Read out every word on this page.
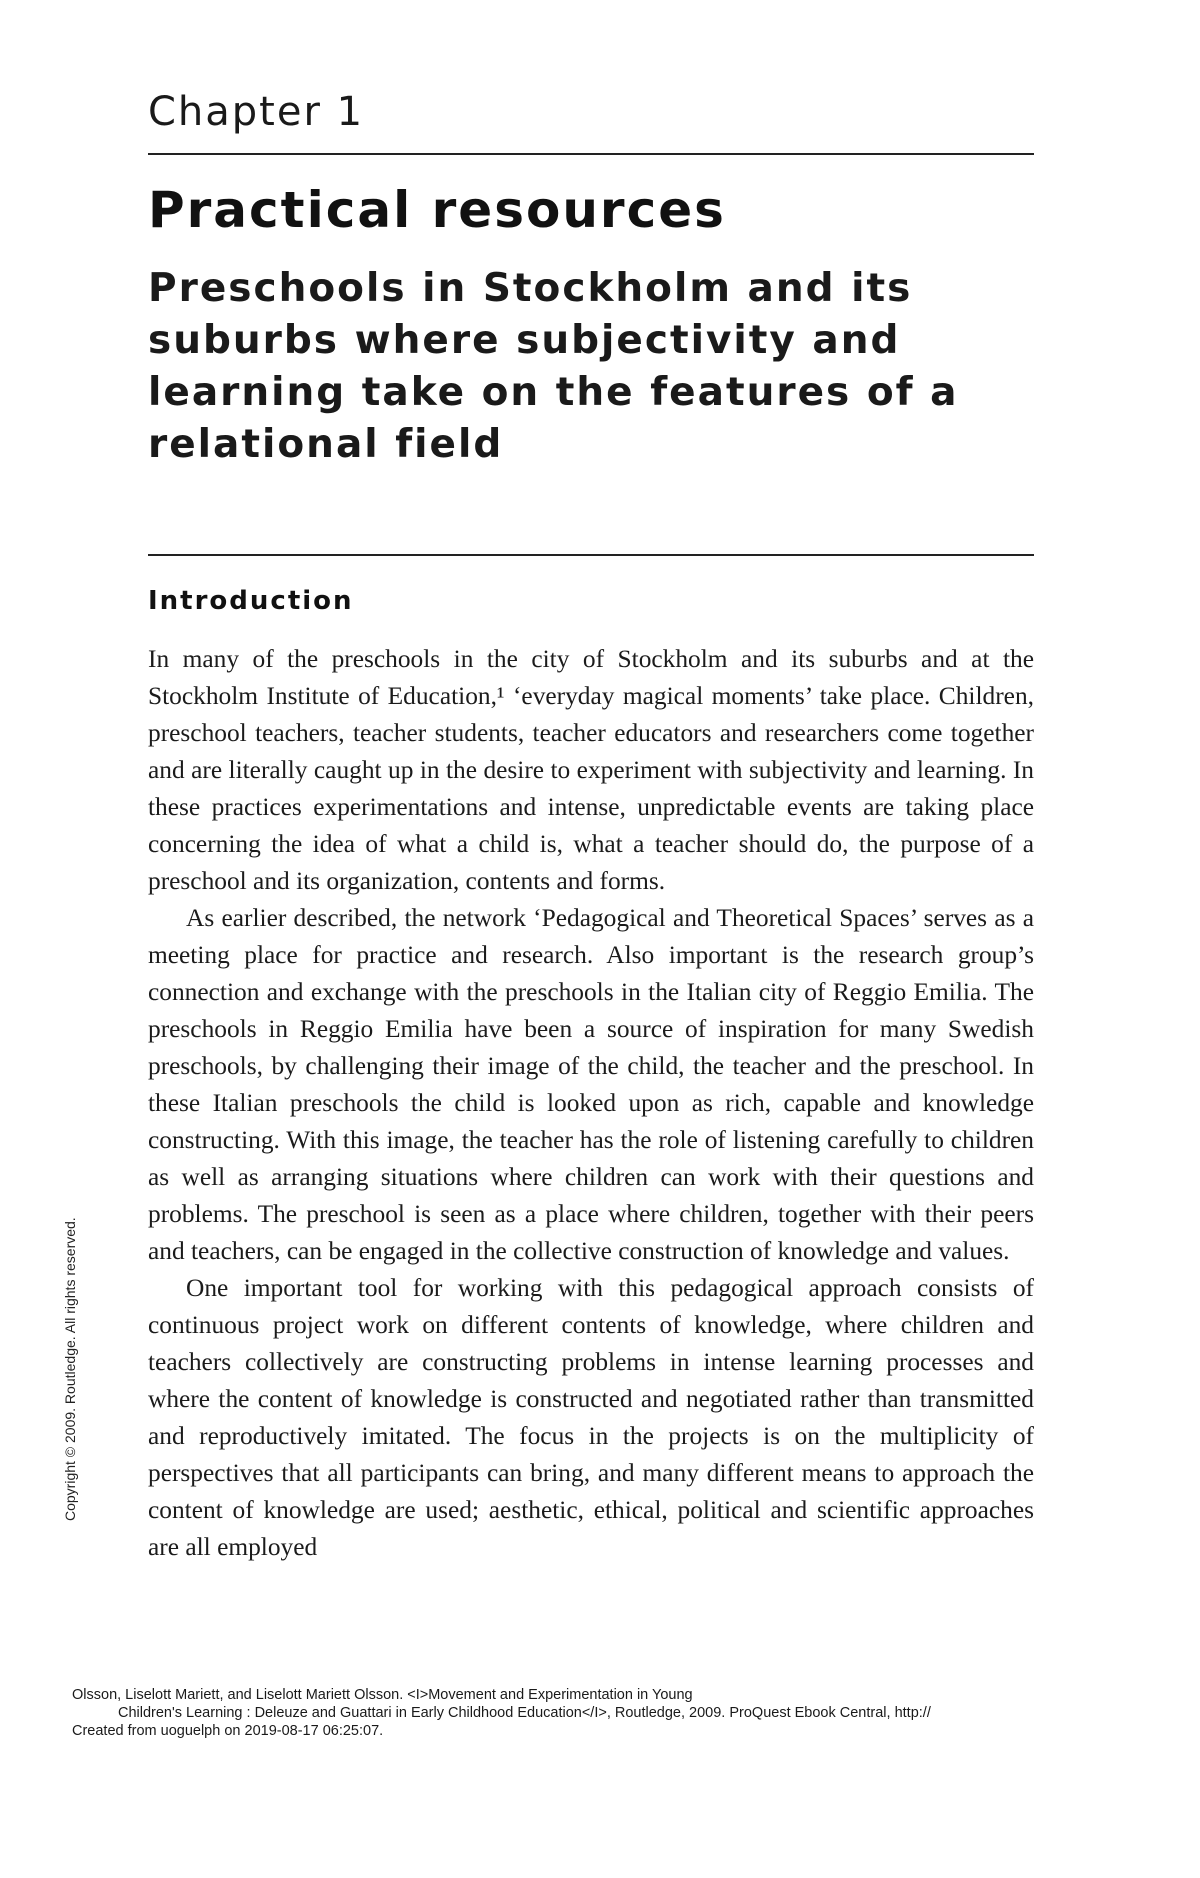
Chapter 1
Practical resources
Preschools in Stockholm and its suburbs where subjectivity and learning take on the features of a relational field
Introduction

In many of the preschools in the city of Stockholm and its suburbs and at the Stockholm Institute of Education,¹ ‘everyday magical moments’ take place. Children, preschool teachers, teacher students, teacher educators and researchers come together and are literally caught up in the desire to experiment with subjectivity and learning. In these practices experimentations and intense, unpredictable events are taking place concerning the idea of what a child is, what a teacher should do, the purpose of a preschool and its organization, contents and forms.

As earlier described, the network ‘Pedagogical and Theoretical Spaces’ serves as a meeting place for practice and research. Also important is the research group’s connection and exchange with the preschools in the Italian city of Reggio Emilia. The preschools in Reggio Emilia have been a source of inspiration for many Swedish preschools, by challenging their image of the child, the teacher and the preschool. In these Italian preschools the child is looked upon as rich, capable and knowledge constructing. With this image, the teacher has the role of listening carefully to children as well as arranging situations where children can work with their questions and problems. The preschool is seen as a place where children, together with their peers and teachers, can be engaged in the collective construction of knowledge and values.

One important tool for working with this pedagogical approach consists of continuous project work on different contents of knowledge, where children and teachers collectively are constructing problems in intense learning processes and where the content of knowledge is constructed and negotiated rather than transmitted and reproductively imitated. The focus in the projects is on the multiplicity of perspectives that all participants can bring, and many different means to approach the content of knowledge are used; aesthetic, ethical, political and scientific approaches are all employed

Copyright © 2009. Routledge. All rights reserved.
Olsson, Liselott Mariett, and Liselott Mariett Olsson. <I>Movement and Experimentation in Young
Children's Learning : Deleuze and Guattari in Early Childhood Education</I>, Routledge, 2009. ProQuest Ebook Central, http://
Created from uoguelph on 2019-08-17 06:25:07.
